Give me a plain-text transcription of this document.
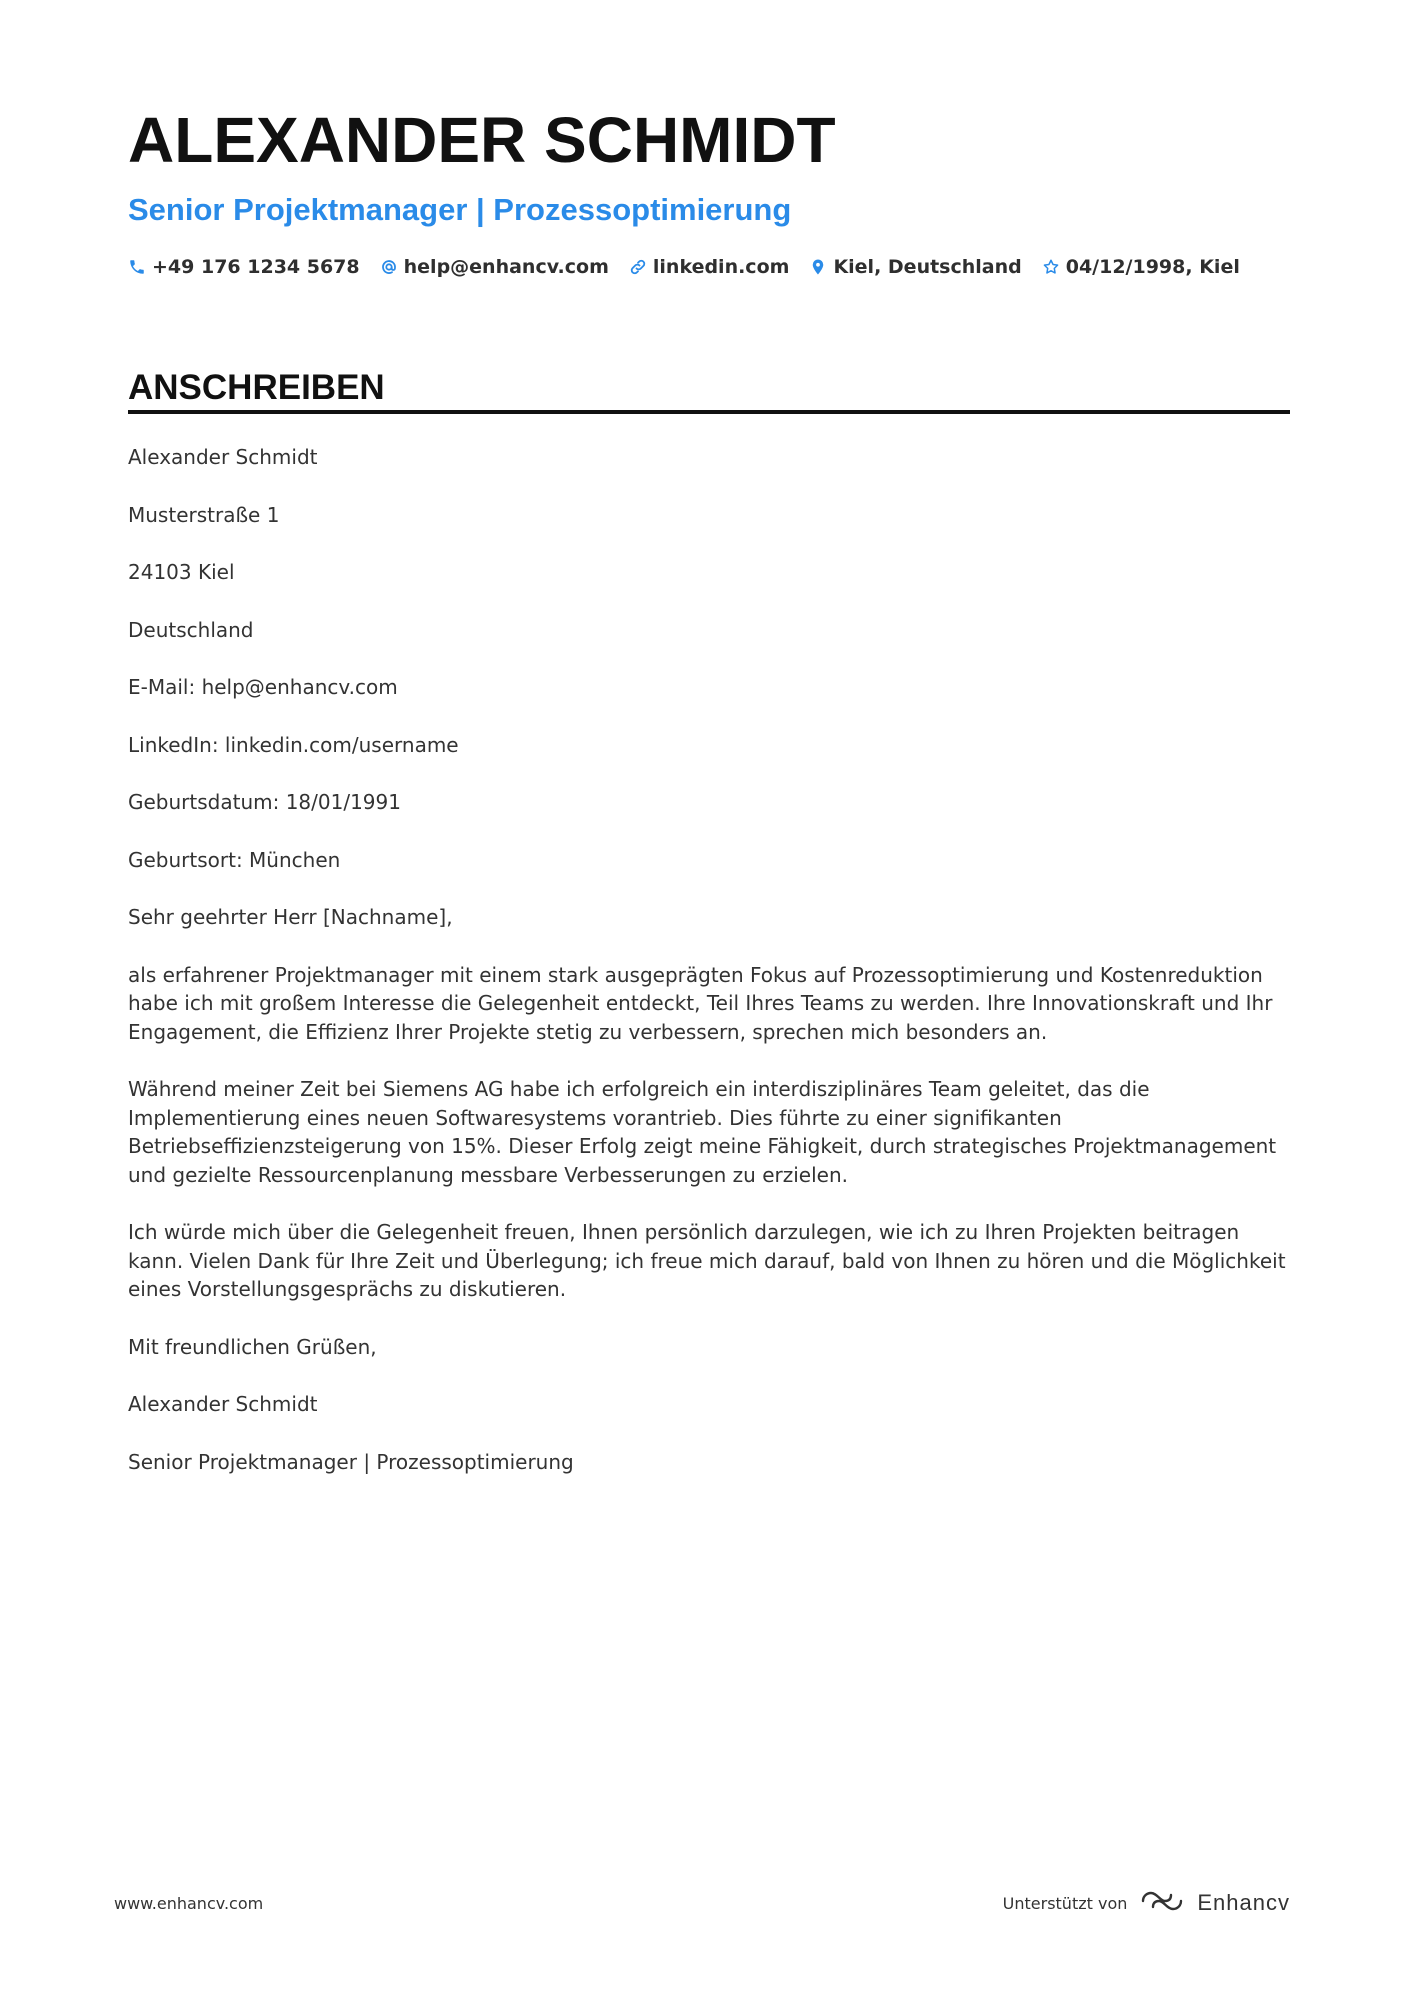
ALEXANDER SCHMIDT
Senior Projektmanager | Prozessoptimierung
+49 176 1234 5678 help@enhancv.com linkedin.com Kiel, Deutschland 04/12/1998, Kiel
ANSCHREIBEN

Alexander Schmidt

Musterstraße 1

24103 Kiel

Deutschland

E-Mail: help@enhancv.com

LinkedIn: linkedin.com/username

Geburtsdatum: 18/01/1991

Geburtsort: München

Sehr geehrter Herr [Nachname],

als erfahrener Projektmanager mit einem stark ausgeprägten Fokus auf Prozessoptimierung und Kostenreduktion habe ich mit großem Interesse die Gelegenheit entdeckt, Teil Ihres Teams zu werden. Ihre Innovationskraft und Ihr Engagement, die Effizienz Ihrer Projekte stetig zu verbessern, sprechen mich besonders an.

Während meiner Zeit bei Siemens AG habe ich erfolgreich ein interdisziplinäres Team geleitet, das die Implementierung eines neuen Softwaresystems vorantrieb. Dies führte zu einer signifikanten Betriebseffizienzsteigerung von 15%. Dieser Erfolg zeigt meine Fähigkeit, durch strategisches Projektmanagement und gezielte Ressourcenplanung messbare Verbesserungen zu erzielen.

Ich würde mich über die Gelegenheit freuen, Ihnen persönlich darzulegen, wie ich zu Ihren Projekten beitragen kann. Vielen Dank für Ihre Zeit und Überlegung; ich freue mich darauf, bald von Ihnen zu hören und die Möglichkeit eines Vorstellungsgesprächs zu diskutieren.

Mit freundlichen Grüßen,

Alexander Schmidt

Senior Projektmanager | Prozessoptimierung

www.enhancv.com	Unterstützt von	Enhancv
